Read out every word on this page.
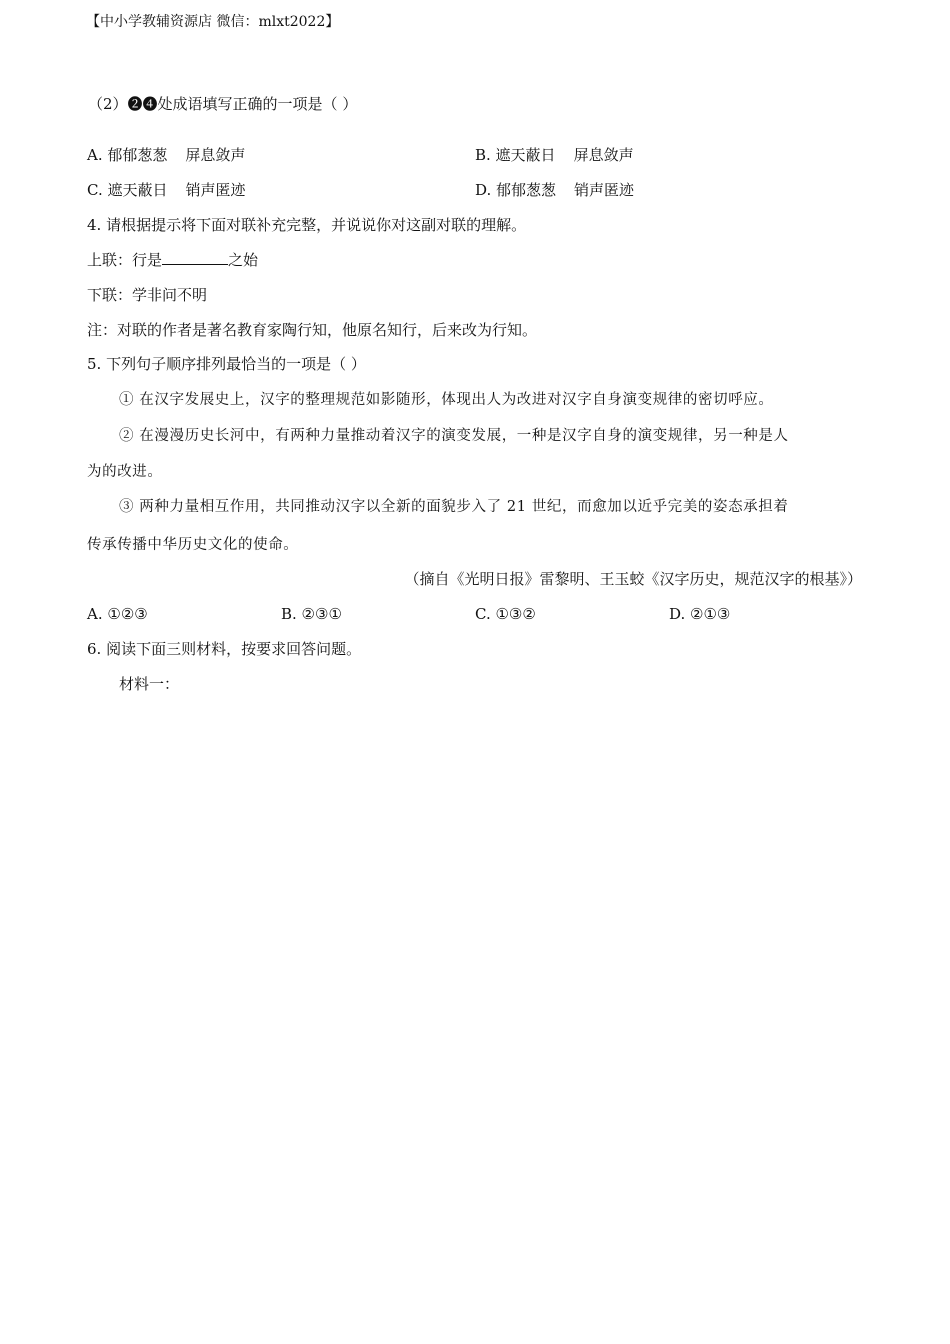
【中小学教辅资源店 微信：mlxt2022】
（2）❷❹处成语填写正确的一项是（ ）
A. 郁郁葱葱 屏息敛声	B. 遮天蔽日 屏息敛声
C. 遮天蔽日 销声匿迹	D. 郁郁葱葱 销声匿迹
4. 请根据提示将下面对联补充完整，并说说你对这副对联的理解。
上联：行是	之始
下联：学非问不明
注：对联的作者是著名教育家陶行知，他原名知行，后来改为行知。
5. 下列句子顺序排列最恰当的一项是（ ）
① 在汉字发展史上，汉字的整理规范如影随形，体现出人为改进对汉字自身演变规律的密切呼应。
② 在漫漫历史长河中，有两种力量推动着汉字的演变发展，一种是汉字自身的演变规律，另一种是人
为的改进。
③ 两种力量相互作用，共同推动汉字以全新的面貌步入了 21 世纪，而愈加以近乎完美的姿态承担着
传承传播中华历史文化的使命。
（摘自《光明日报》雷黎明、王玉蛟《汉字历史，规范汉字的根基》）
A. ①②③	B. ②③①	C. ①③②	D. ②①③
6. 阅读下面三则材料，按要求回答问题。
材料一：
